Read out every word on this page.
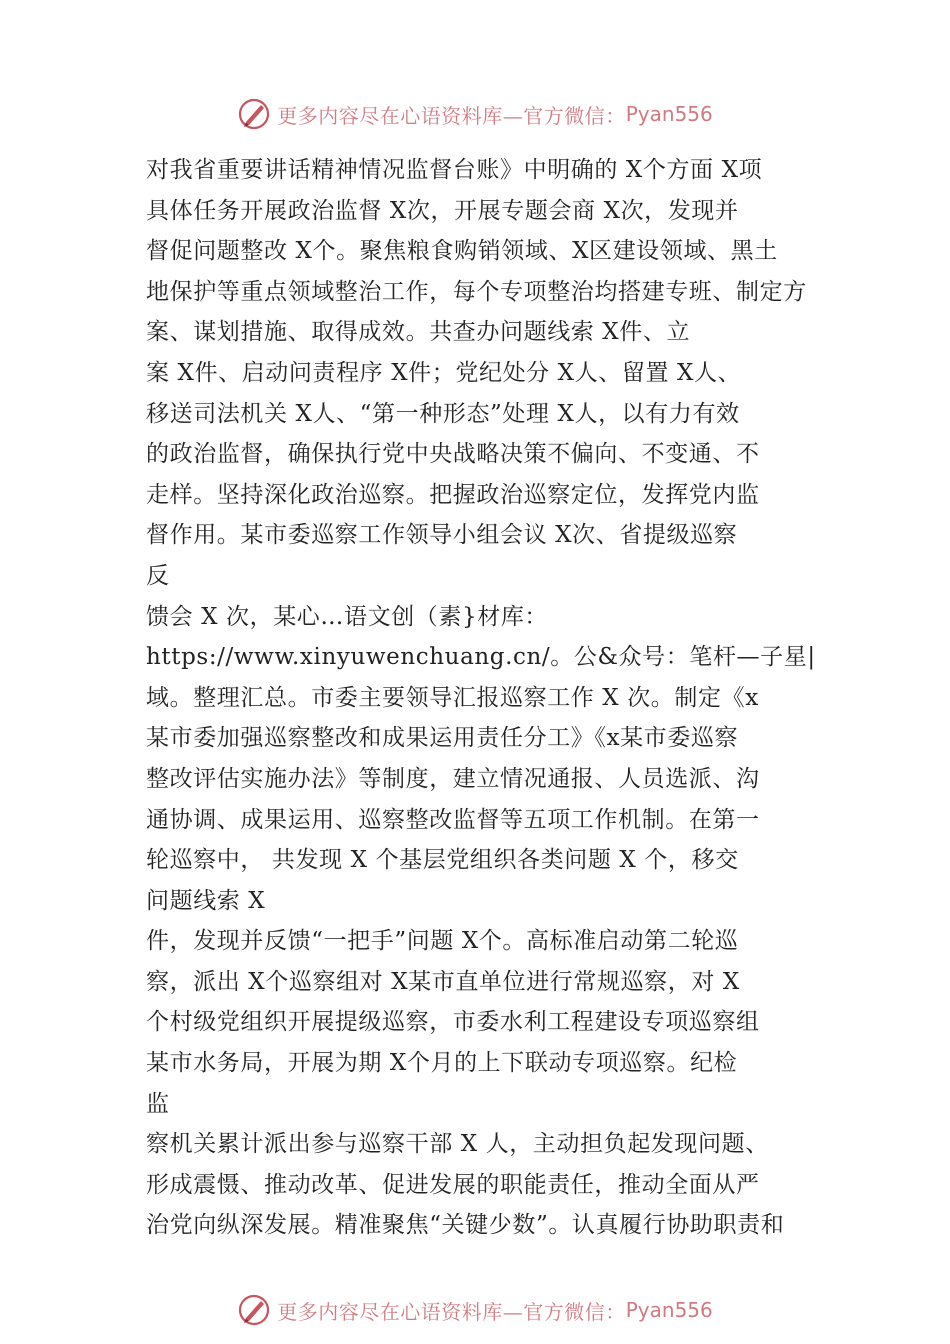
更多内容尽在心语资料库—官方微信： Pyan556
对我省重要讲话精神情况监督台账》中明确的 X个方面 X项
具体任务开展政治监督 X次，开展专题会商 X次，发现并
督促问题整改 X个。聚焦粮食购销领域、X区建设领域、黑土
地保护等重点领域整治工作，每个专项整治均搭建专班、制定方
案、谋划措施、取得成效。共查办问题线索 X件、立
案 X件、启动问责程序 X件；党纪处分 X人、留置 X人、
移送司法机关 X人、“第一种形态”处理 X人，以有力有效
的政治监督，确保执行党中央战略决策不偏向、不变通、不
走样。坚持深化政治巡察。把握政治巡察定位，发挥党内监
督作用。某市委巡察工作领导小组会议 X次、省提级巡察
反
馈会 X 次，某心…语文创（素}材库：
https://www.xinyuwenchuang.cn/。公&众号：笔杆—子星|
域。整理汇总。市委主要领导汇报巡察工作 X 次。制定《x
某市委加强巡察整改和成果运用责任分工》《x某市委巡察
整改评估实施办法》等制度，建立情况通报、人员选派、沟
通协调、成果运用、巡察整改监督等五项工作机制。在第一
轮巡察中， 共发现 X 个基层党组织各类问题 X 个，移交
问题线索 X
件，发现并反馈“一把手”问题 X个。高标准启动第二轮巡
察，派出 X个巡察组对 X某市直单位进行常规巡察，对 X
个村级党组织开展提级巡察，市委水利工程建设专项巡察组
某市水务局，开展为期 X个月的上下联动专项巡察。纪检
监
察机关累计派出参与巡察干部 X 人，主动担负起发现问题、
形成震慑、推动改革、促进发展的职能责任，推动全面从严
治党向纵深发展。精准聚焦“关键少数”。认真履行协助职责和
更多内容尽在心语资料库—官方微信： Pyan556
